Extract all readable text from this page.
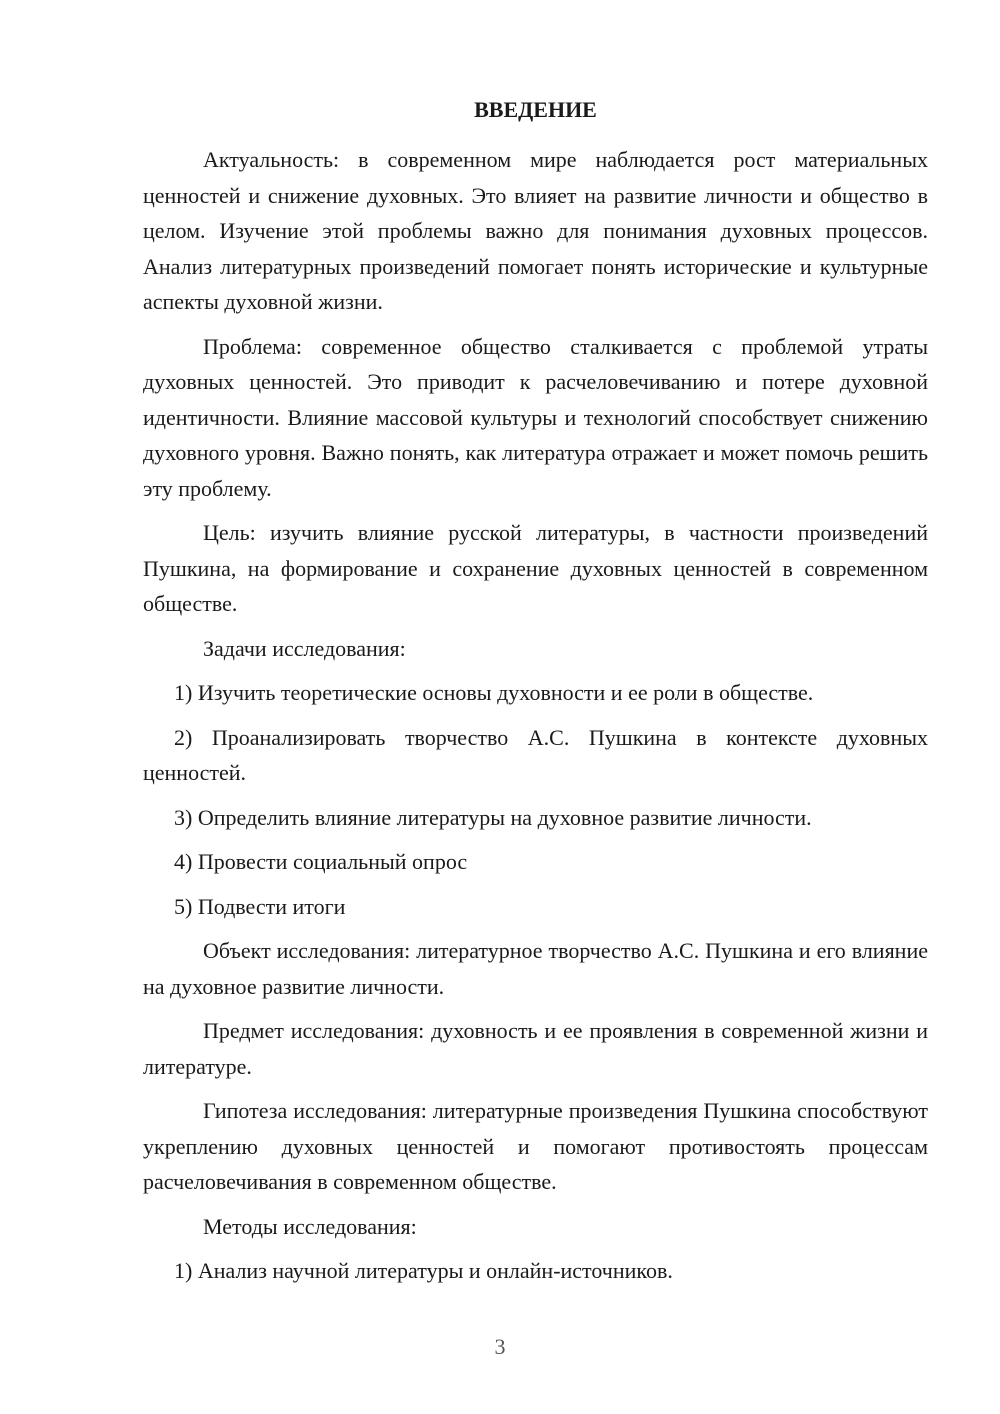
ВВЕДЕНИЕ

Актуальность: в современном мире наблюдается рост материальных ценностей и снижение духовных. Это влияет на развитие личности и общество в целом. Изучение этой проблемы важно для понимания духовных процессов. Анализ литературных произведений помогает понять исторические и культурные аспекты духовной жизни.

Проблема: современное общество сталкивается с проблемой утраты духовных ценностей. Это приводит к расчеловечиванию и потере духовной идентичности. Влияние массовой культуры и технологий способствует снижению духовного уровня. Важно понять, как литература отражает и может помочь решить эту проблему.

Цель: изучить влияние русской литературы, в частности произведений Пушкина, на формирование и сохранение духовных ценностей в современном обществе.

Задачи исследования:

1) Изучить теоретические основы духовности и ее роли в обществе.

2) Проанализировать творчество А.С. Пушкина в контексте духовных ценностей.

3) Определить влияние литературы на духовное развитие личности.

4) Провести социальный опрос

5) Подвести итоги

Объект исследования: литературное творчество А.С. Пушкина и его влияние на духовное развитие личности.

Предмет исследования: духовность и ее проявления в современной жизни и литературе.

Гипотеза исследования: литературные произведения Пушкина способствуют укреплению духовных ценностей и помогают противостоять процессам расчеловечивания в современном обществе.

Методы исследования:

1) Анализ научной литературы и онлайн-источников.

3
